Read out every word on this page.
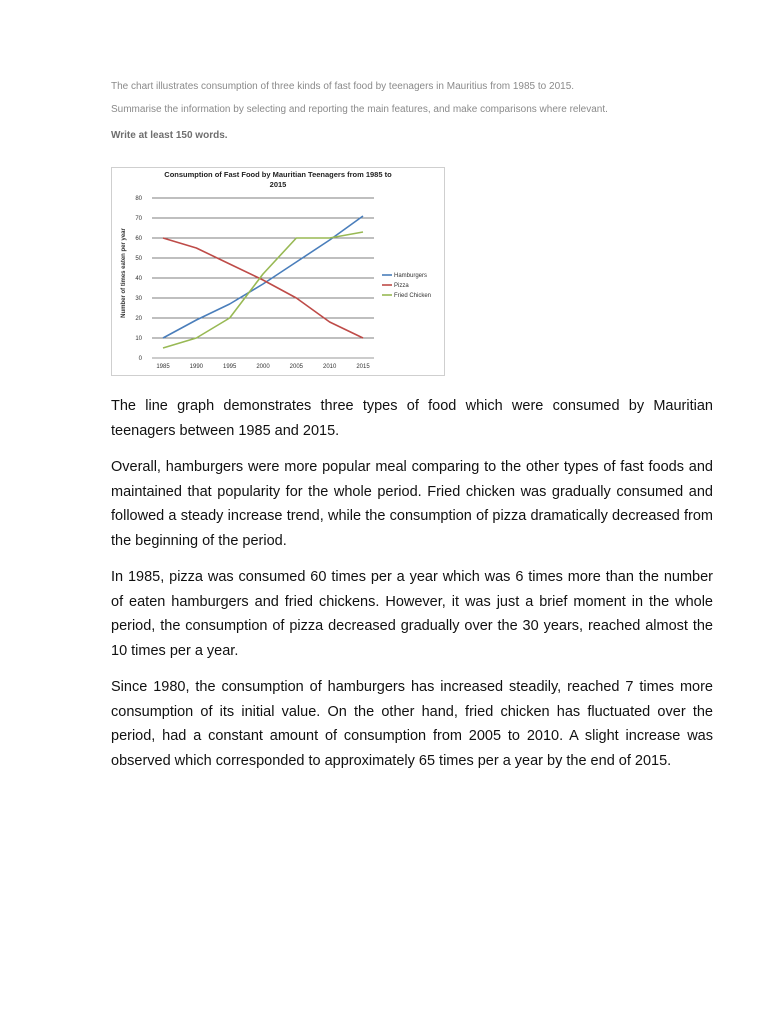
The chart illustrates consumption of three kinds of fast food by teenagers in Mauritius from 1985 to 2015.

Summarise the information by selecting and reporting the main features, and make comparisons where relevant.

Write at least 150 words.

Consumption of Fast Food by Mauritian Teenagers from 1985 to
2015
0
10
20
30
40
50
60
70
80
1985	1990	1995	2000	2005	2010	2015
Hamburgers
Pizza
Fried Chicken
Number of times eaten per year

The line graph demonstrates three types of food which were consumed by Mauritian teenagers between 1985 and 2015.

Overall, hamburgers were more popular meal comparing to the other types of fast foods and maintained that popularity for the whole period. Fried chicken was gradually consumed and followed a steady increase trend, while the consumption of pizza dramatically decreased from the beginning of the period.

In 1985, pizza was consumed 60 times per a year which was 6 times more than the number of eaten hamburgers and fried chickens. However, it was just a brief moment in the whole period, the consumption of pizza decreased gradually over the 30 years, reached almost the 10 times per a year.

Since 1980, the consumption of hamburgers has increased steadily, reached 7 times more consumption of its initial value. On the other hand, fried chicken has fluctuated over the period, had a constant amount of consumption from 2005 to 2010. A slight increase was observed which corresponded to approximately 65 times per a year by the end of 2015.
